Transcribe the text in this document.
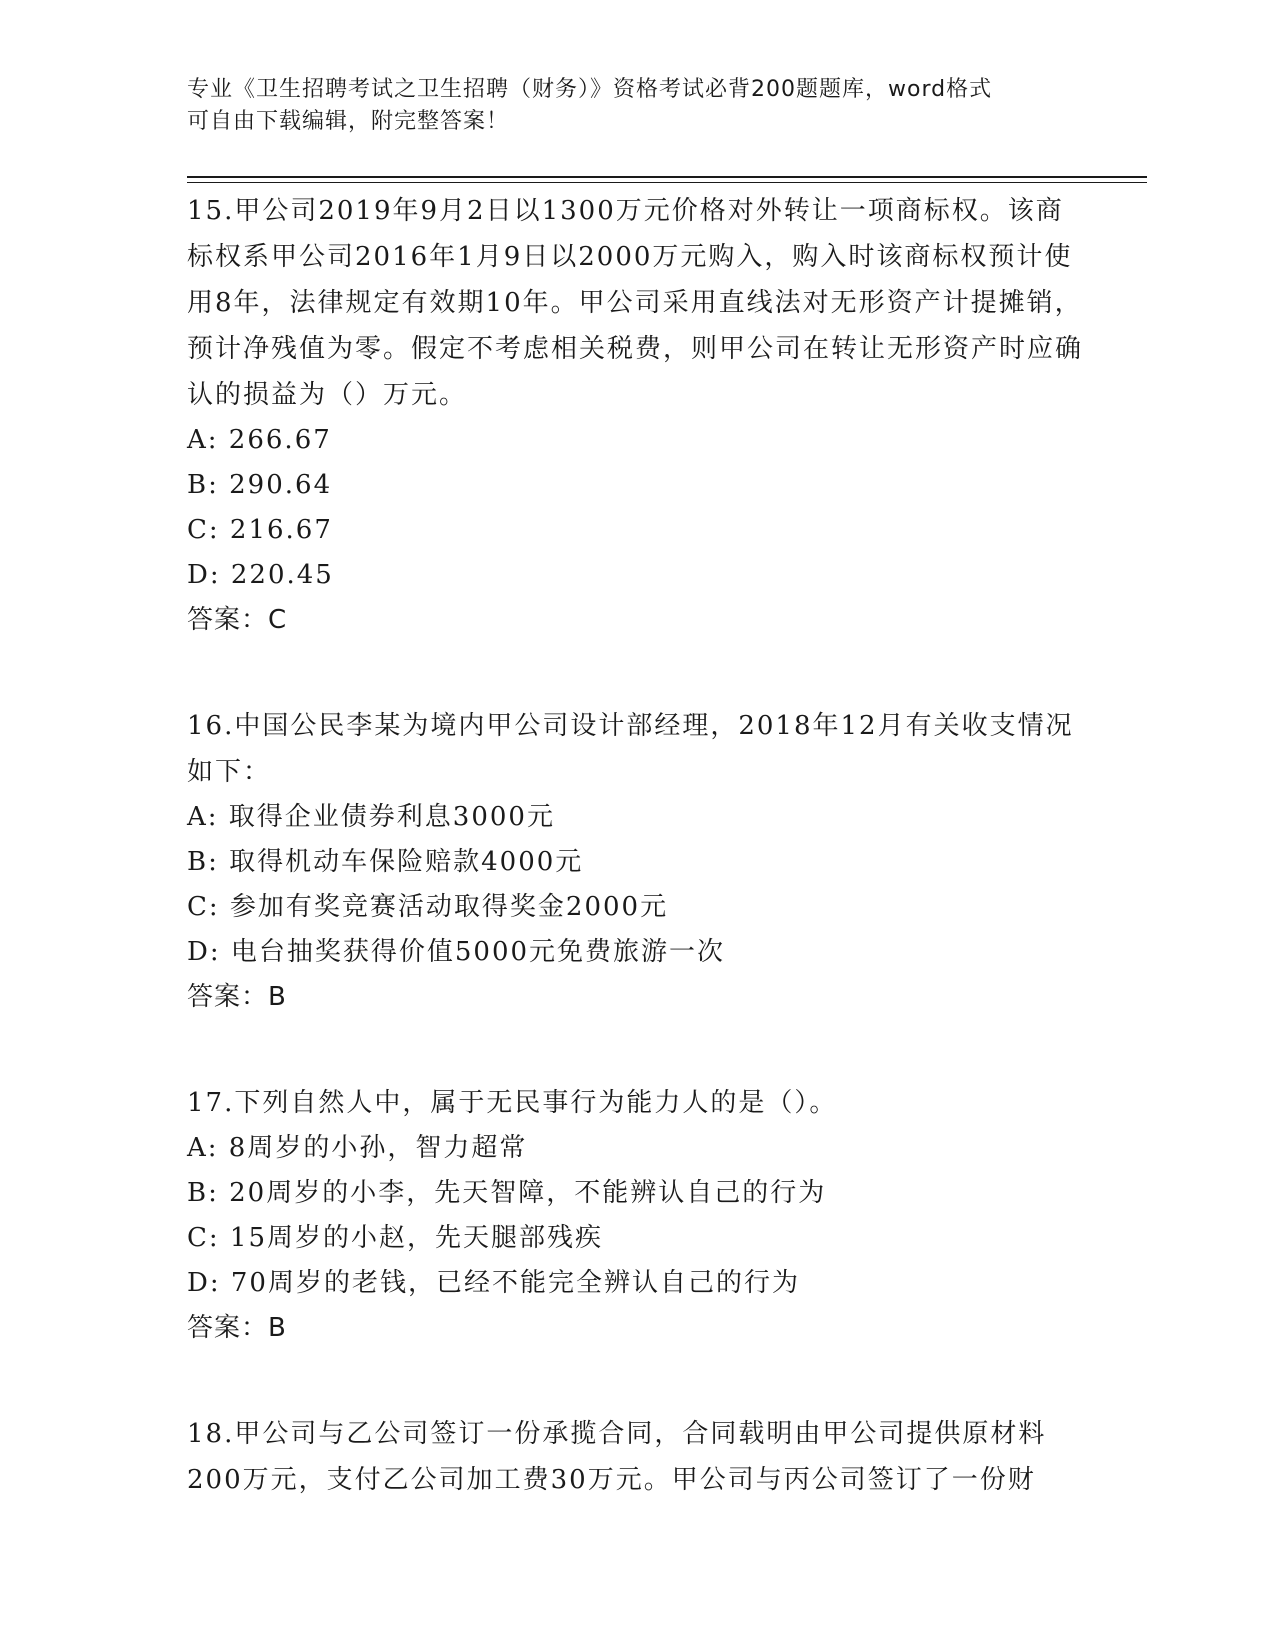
专业《卫生招聘考试之卫生招聘（财务）》资格考试必背200题题库，word格式
可自由下载编辑，附完整答案！

15.甲公司2019年9月2日以1300万元价格对外转让一项商标权。该商标权系甲公司2016年1月9日以2000万元购入，购入时该商标权预计使用8年，法律规定有效期10年。甲公司采用直线法对无形资产计提摊销，预计净残值为零。假定不考虑相关税费，则甲公司在转让无形资产时应确认的损益为（）万元。

A: 266.67

B: 290.64

C: 216.67

D: 220.45

答案：C

16.中国公民李某为境内甲公司设计部经理，2018年12月有关收支情况如下：

A: 取得企业债券利息3000元

B: 取得机动车保险赔款4000元

C: 参加有奖竞赛活动取得奖金2000元

D: 电台抽奖获得价值5000元免费旅游一次

答案：B

17.下列自然人中，属于无民事行为能力人的是（）。

A: 8周岁的小孙，智力超常

B: 20周岁的小李，先天智障，不能辨认自己的行为

C: 15周岁的小赵，先天腿部残疾

D: 70周岁的老钱，已经不能完全辨认自己的行为

答案：B

18.甲公司与乙公司签订一份承揽合同，合同载明由甲公司提供原材料200万元，支付乙公司加工费30万元。甲公司与丙公司签订了一份财
